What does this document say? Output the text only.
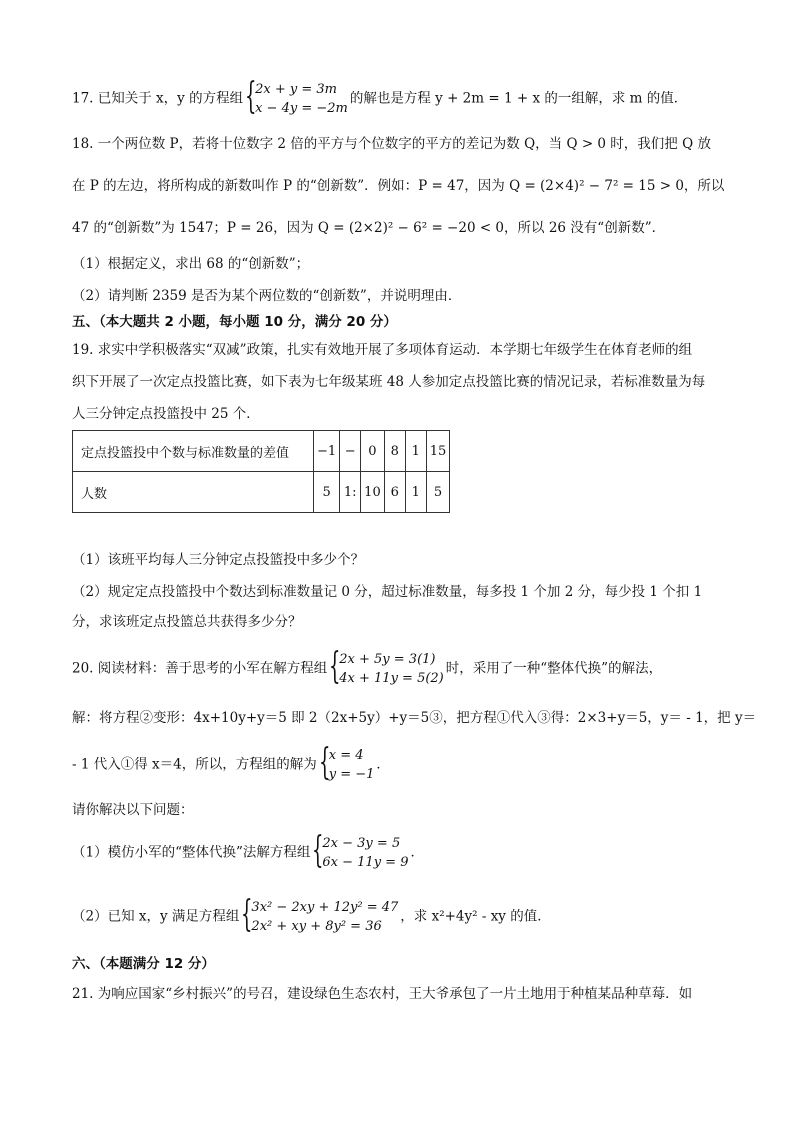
17. 已知关于 x，y 的方程组 {
2x + y = 3m
x − 4y = −2m
的解也是方程 y + 2m = 1 + x 的一组解，求 m 的值．
18. 一个两位数 P，若将十位数字 2 倍的平方与个位数字的平方的差记为数 Q，当 Q > 0 时，我们把 Q 放
在 P 的左边，将所构成的新数叫作 P 的“创新数”．例如：P = 47，因为 Q = (2×4)² − 7² = 15 > 0，所以
47 的“创新数”为 1547；P = 26，因为 Q = (2×2)² − 6² = −20 < 0，所以 26 没有“创新数”．
（1）根据定义，求出 68 的“创新数”；
（2）请判断 2359 是否为某个两位数的“创新数”，并说明理由．
五、（本大题共 2 小题，每小题 10 分，满分 20 分）
19. 求实中学积极落实“双减”政策，扎实有效地开展了多项体育运动．本学期七年级学生在体育老师的组
织下开展了一次定点投篮比赛，如下表为七年级某班 48 人参加定点投篮比赛的情况记录，若标准数量为每
人三分钟定点投篮投中 25 个．
定点投篮投中个数与标准数量的差值	−1	−	0	8	1	15
人数	5	1:	10	6	1	5
（1）该班平均每人三分钟定点投篮投中多少个？
（2）规定定点投篮投中个数达到标准数量记 0 分，超过标准数量，每多投 1 个加 2 分，每少投 1 个扣 1
分，求该班定点投篮总共获得多少分？
20. 阅读材料：善于思考的小军在解方程组 {
2x + 5y = 3(1)
4x + 11y = 5(2)
时，采用了一种“整体代换”的解法，
解：将方程②变形：4x+10y+y＝5 即 2（2x+5y）+y＝5③，把方程①代入③得：2×3+y＝5，y＝ - 1，把 y＝
- 1 代入①得 x＝4，所以，方程组的解为 {
x = 4
y = −1
．
请你解决以下问题：
（1）模仿小军的“整体代换”法解方程组 {
2x − 3y = 5
6x − 11y = 9
．
（2）已知 x，y 满足方程组 {
3x² − 2xy + 12y² = 47
2x² + xy + 8y² = 36
，求 x²+4y² - xy 的值．
六、（本题满分 12 分）
21. 为响应国家“乡村振兴”的号召，建设绿色生态农村，王大爷承包了一片土地用于种植某品种草莓．如
